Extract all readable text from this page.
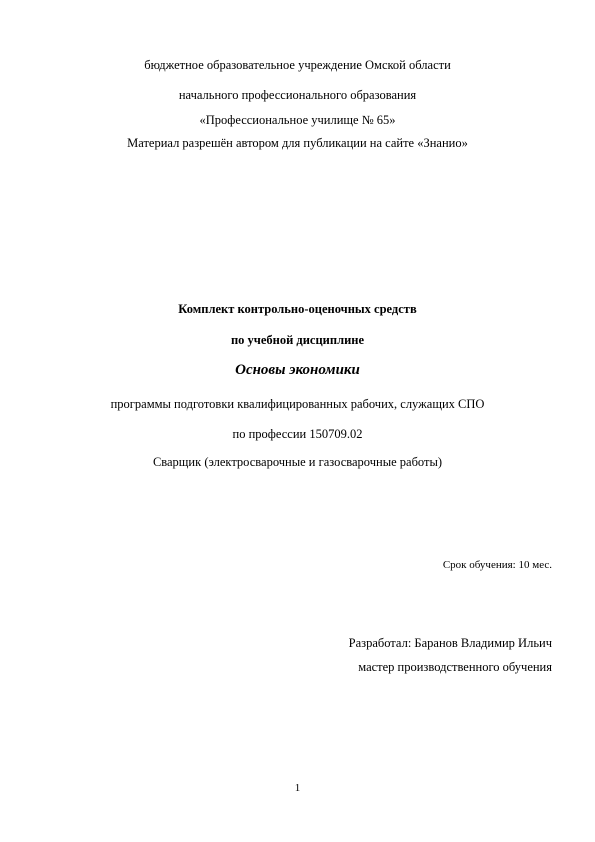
бюджетное образовательное учреждение Омской области
начального профессионального образования
«Профессиональное училище № 65»
Материал разрешён автором для публикации на сайте «Знанио»
Комплект контрольно-оценочных средств
по учебной дисциплине
Основы экономики
программы подготовки квалифицированных рабочих, служащих СПО
по профессии 150709.02
Сварщик (электросварочные и газосварочные работы)
Срок обучения: 10 мес.
Разработал: Баранов Владимир Ильич
мастер производственного обучения
1
